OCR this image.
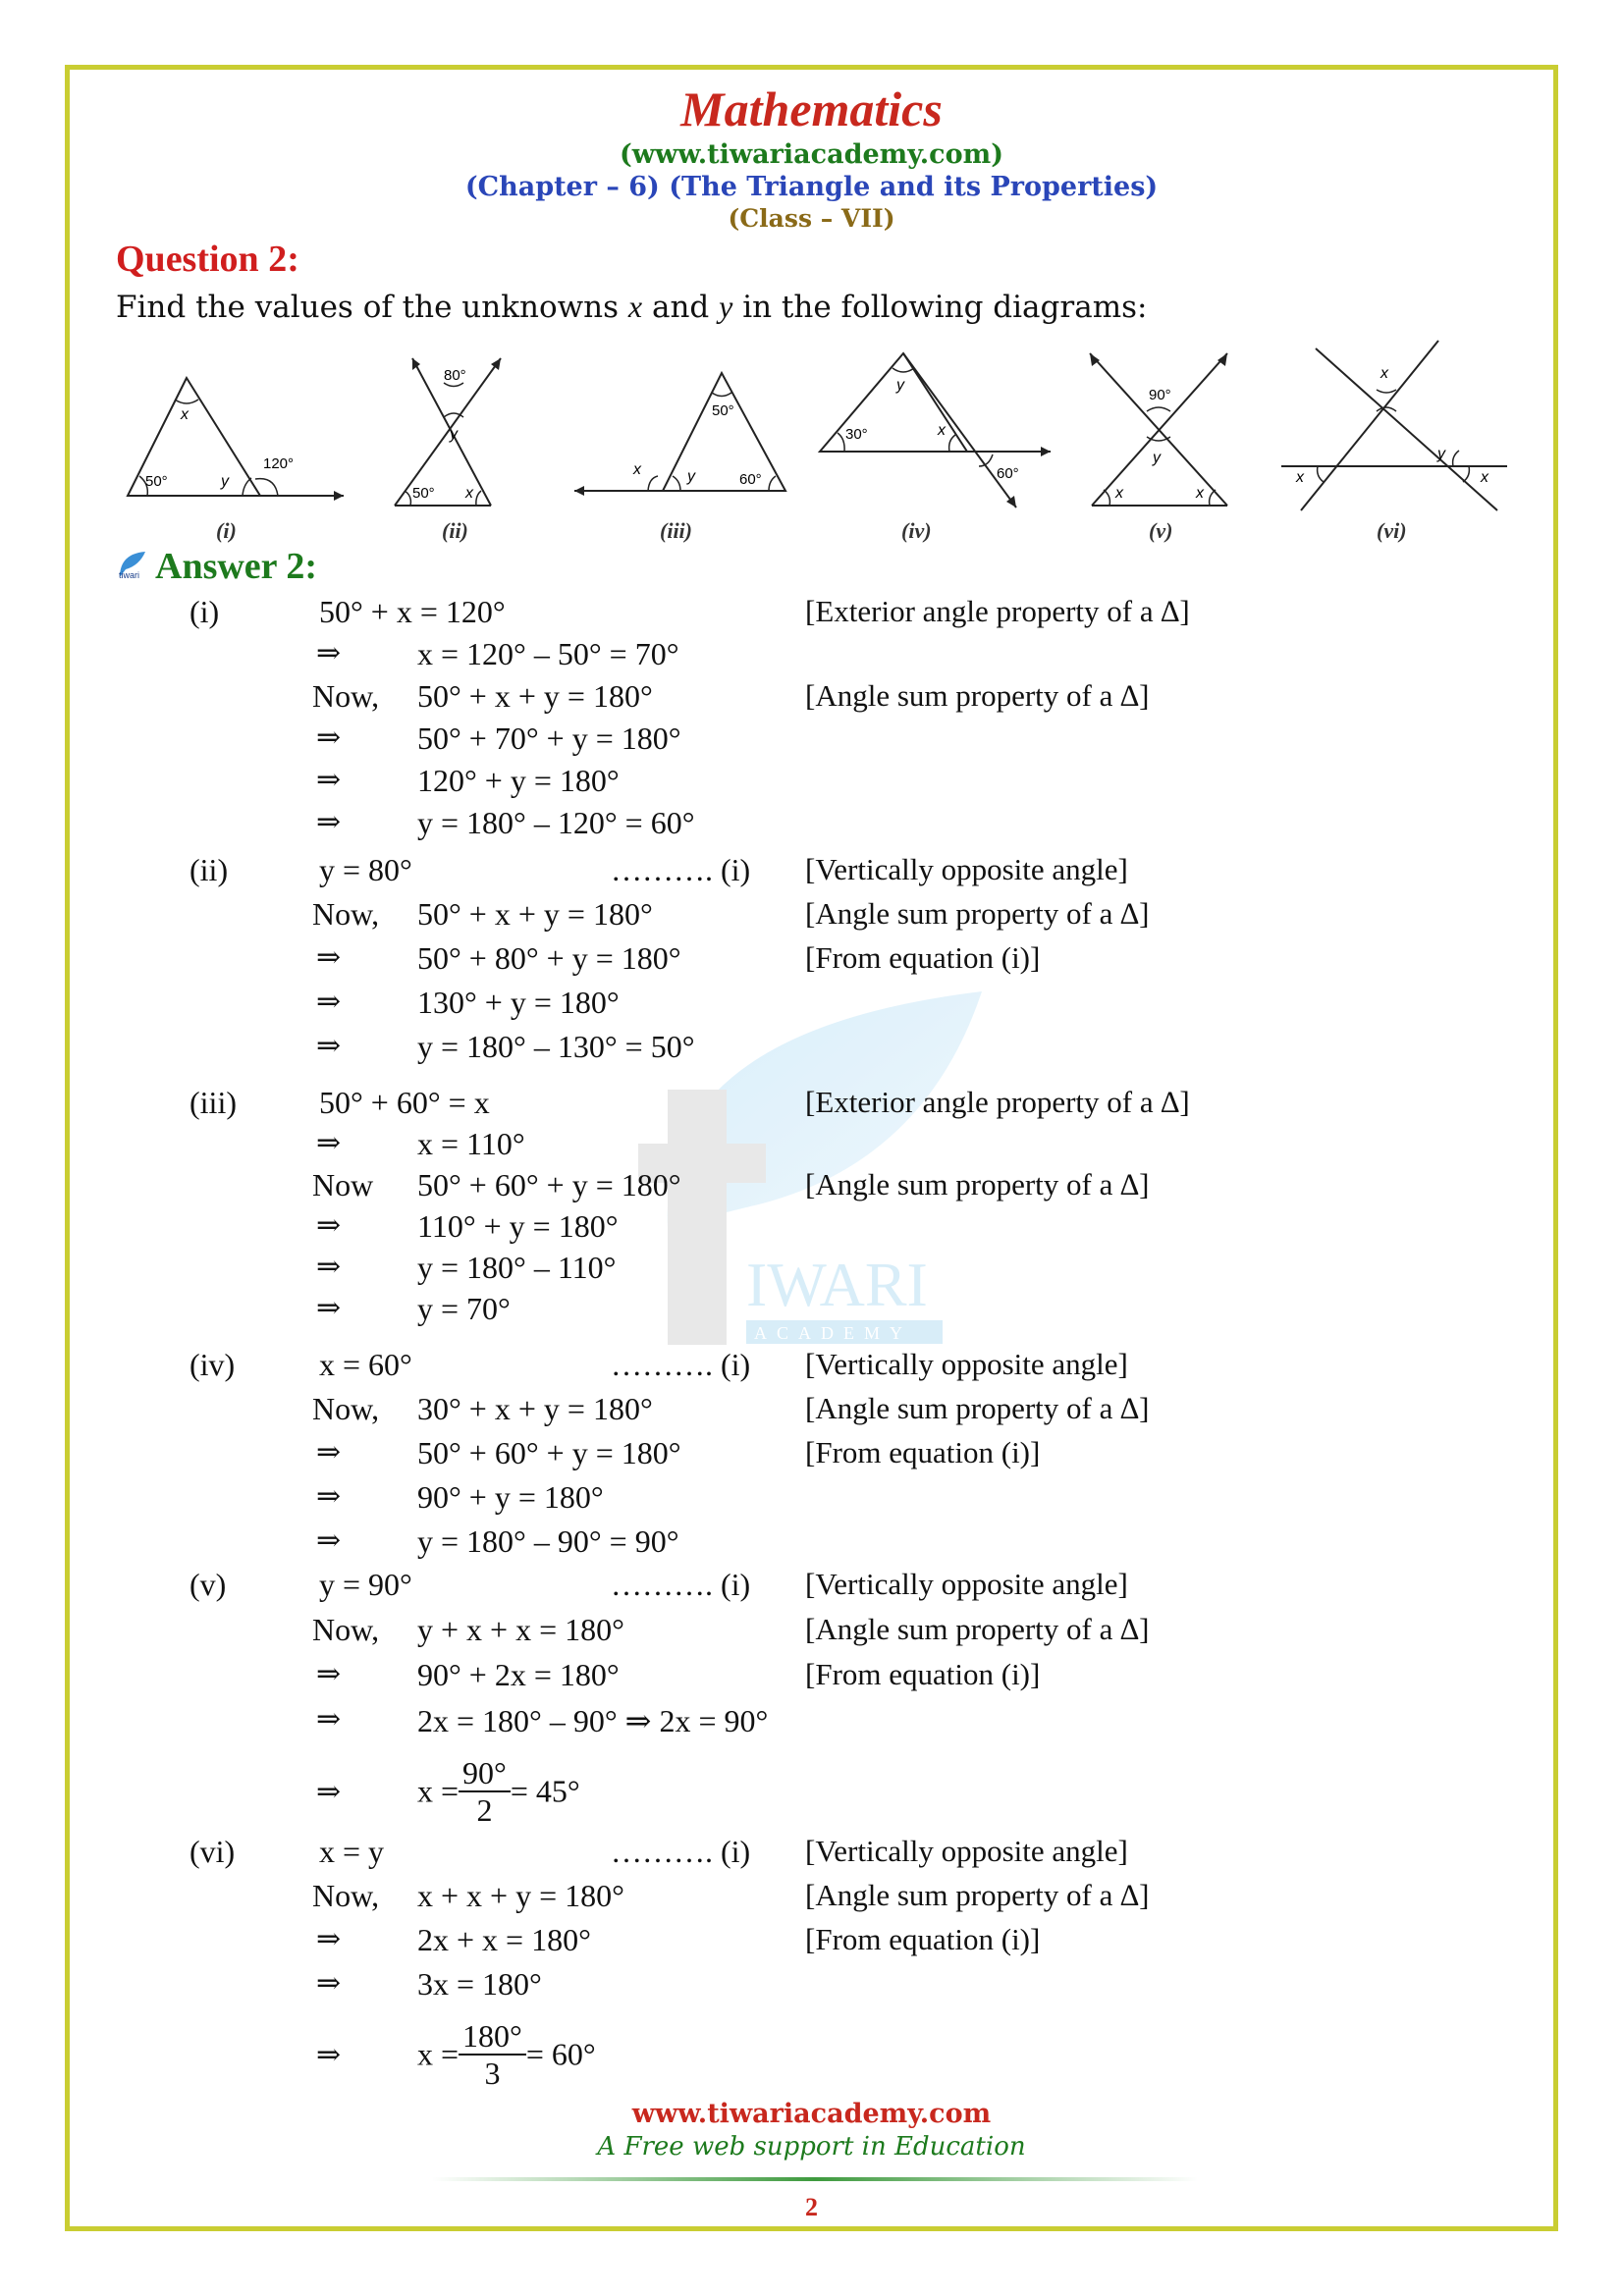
Mathematics
(www.tiwariacademy.com)
(Chapter – 6) (The Triangle and its Properties)
(Class – VII)
Question 2:
Find the values of the unknowns x and y in the following diagrams:
x
50°	y
120°
(i)
80°
y
50° x
(ii)
50°
x	y	60°
(iii)
y
30°	x
60°
(iv)
90°
y
x	x
(v)
x
y
x	x
(vi)
tiwari Answer 2:
IWARI
ACADEMY
(i)	50° + x = 120°	[Exterior angle property of a ∆]
⇒ x = 120° – 50° = 70°
Now, 50° + x + y = 180°	[Angle sum property of a ∆]
⇒ 50° + 70° + y = 180°
⇒ 120° + y = 180°
⇒ y = 180° – 120° = 60°
(ii)	y = 80°	………. (i) [Vertically opposite angle]
Now, 50° + x + y = 180°	[Angle sum property of a ∆]
⇒ 50° + 80° + y = 180°	[From equation (i)]
⇒ 130° + y = 180°
⇒ y = 180° – 130° = 50°
(iii)	50° + 60° = x	[Exterior angle property of a ∆]
⇒ x = 110°
Now 50° + 60° + y = 180°	[Angle sum property of a ∆]
⇒ 110° + y = 180°
⇒ y = 180° – 110°
⇒ y = 70°
(iv)	x = 60°	………. (i) [Vertically opposite angle]
Now, 30° + x + y = 180°	[Angle sum property of a ∆]
⇒ 50° + 60° + y = 180°	[From equation (i)]
⇒ 90° + y = 180°
⇒ y = 180° – 90° = 90°
(v)	y = 90°	………. (i) [Vertically opposite angle]
Now, y + x + x = 180°	[Angle sum property of a ∆]
⇒ 90° + 2x = 180°	[From equation (i)]
⇒ 2x = 180° – 90° ⇒ 2x = 90°
⇒ $x = \frac{90^\circ}{2} = 45^\circ$
(vi)	x = y	………. (i) [Vertically opposite angle]
Now, x + x + y = 180°	[Angle sum property of a ∆]
⇒ 2x + x = 180°	[From equation (i)]
⇒ 3x = 180°
⇒ $x = \frac{180^\circ}{3} = 60^\circ$
www.tiwariacademy.com
A Free web support in Education
2
